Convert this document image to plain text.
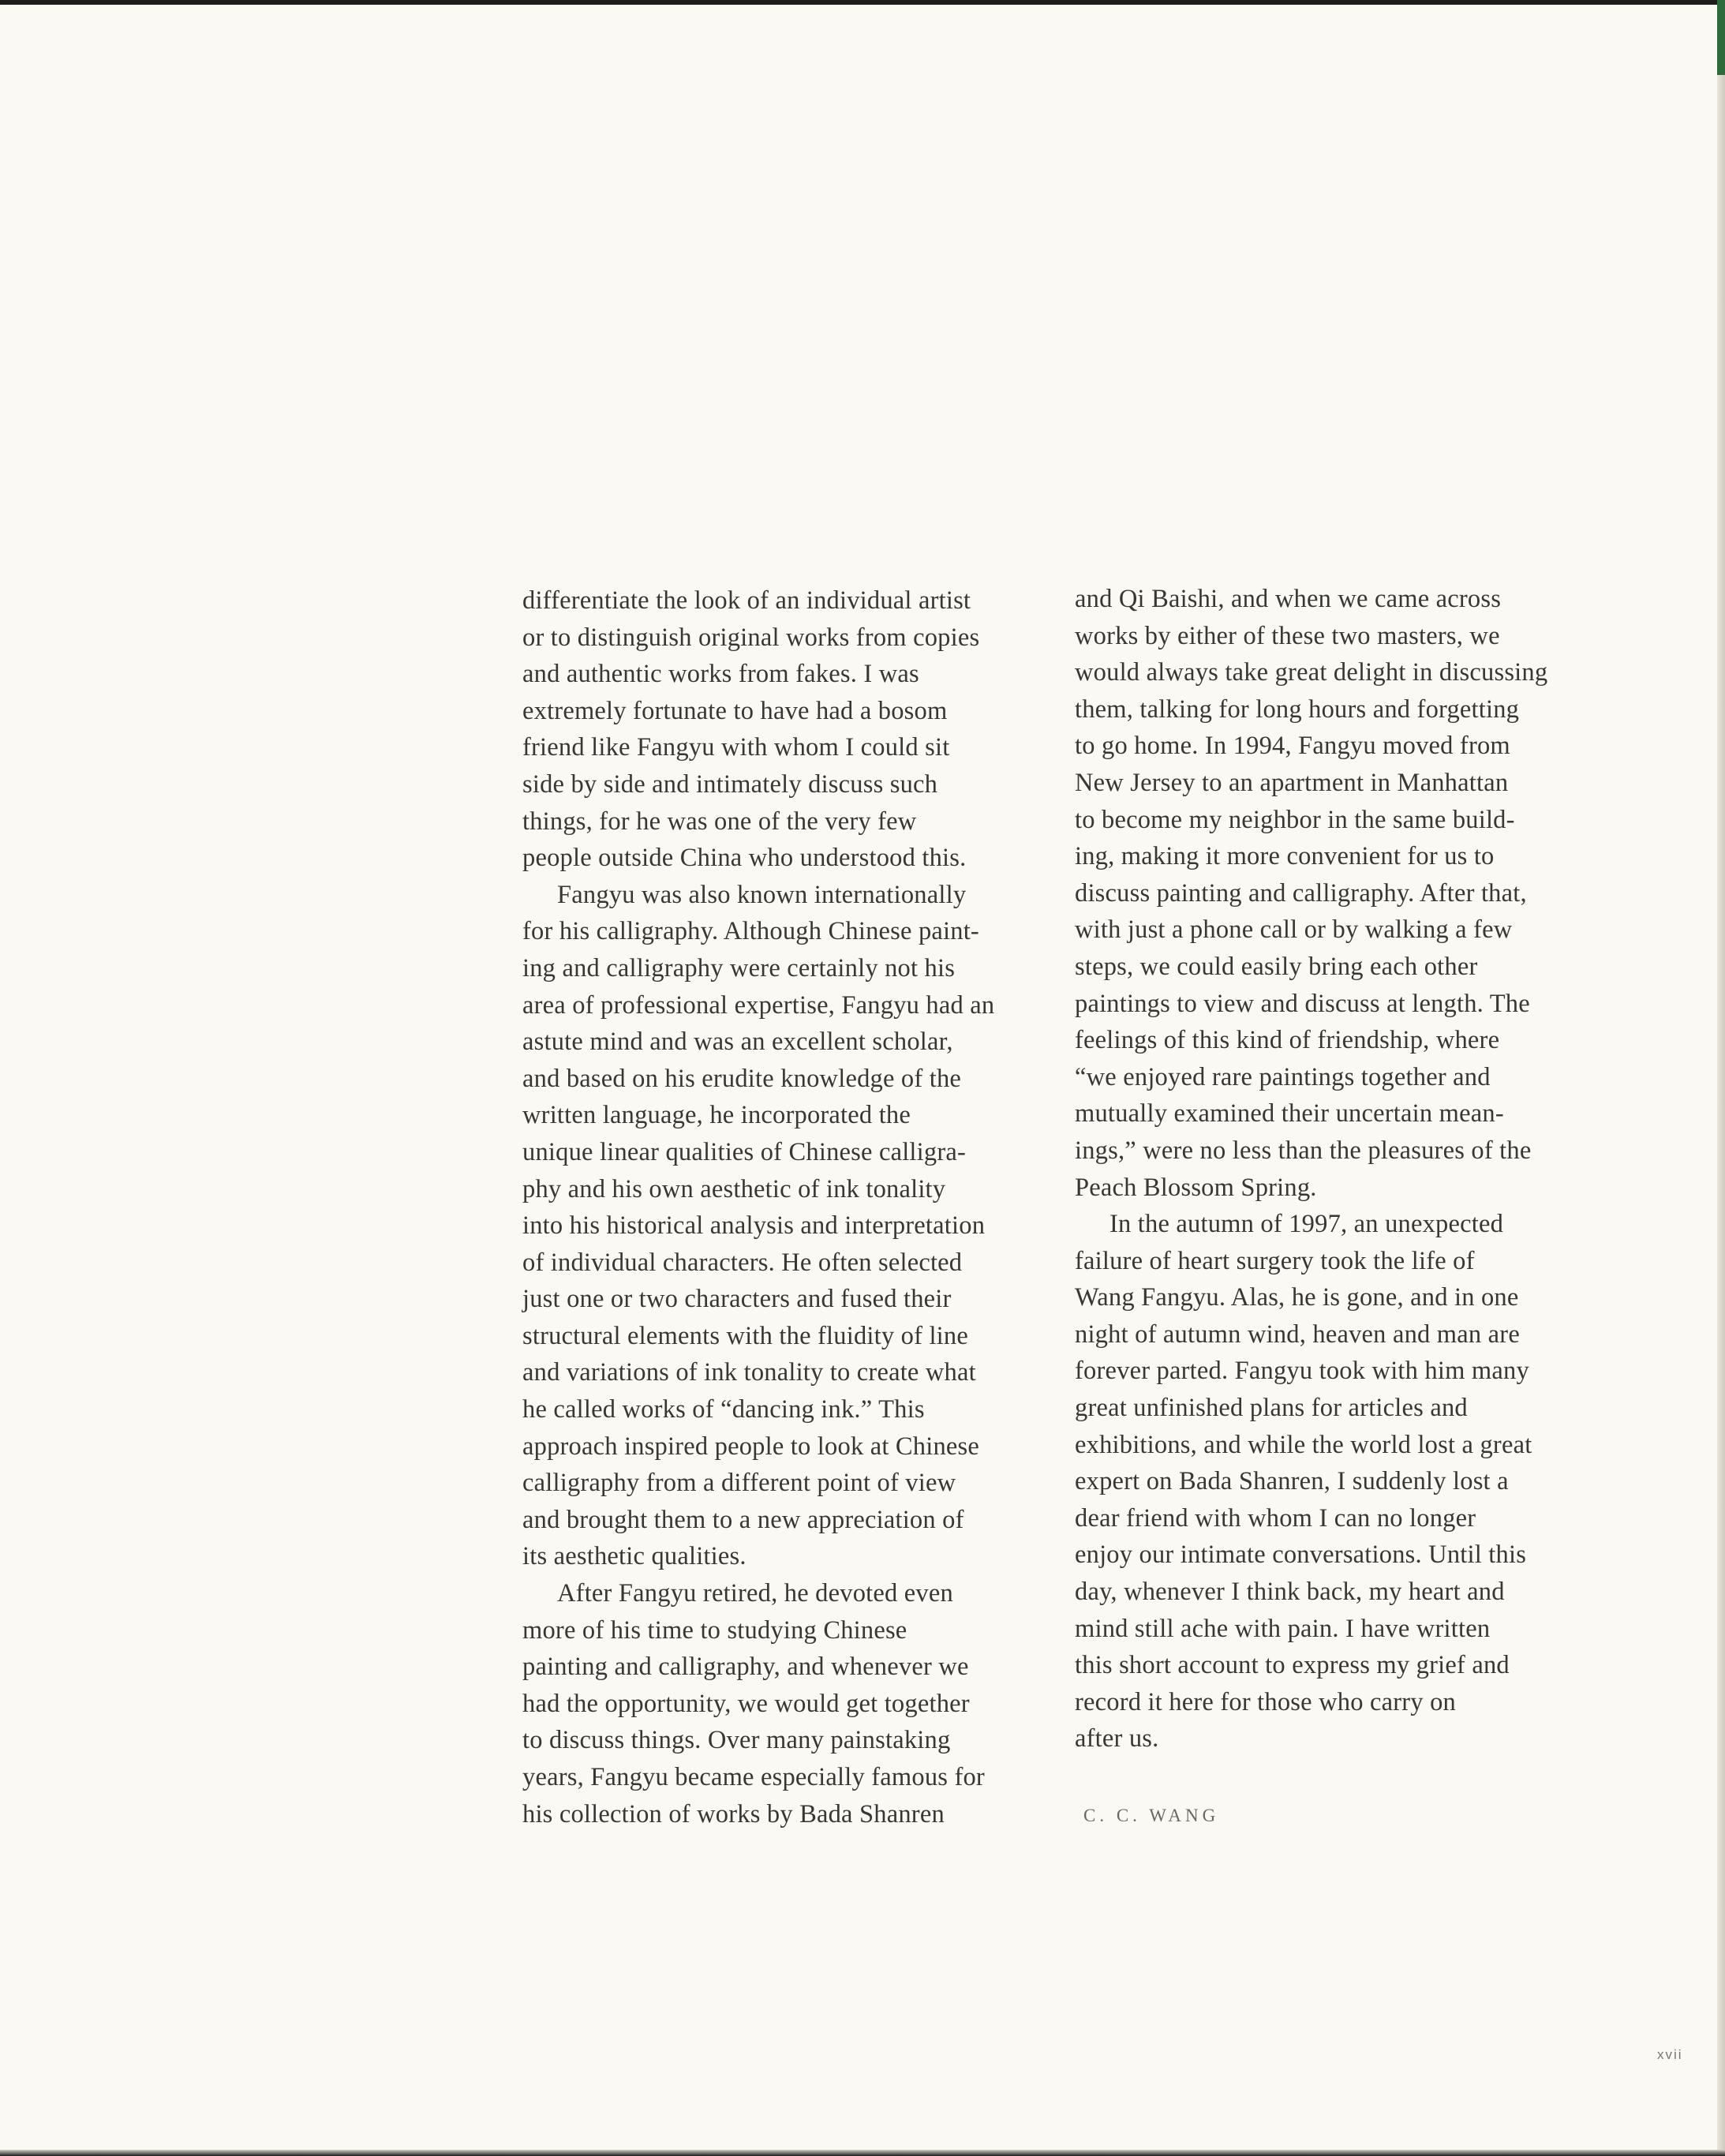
differentiate the look of an individual artist
or to distinguish original works from copies
and authentic works from fakes. I was
extremely fortunate to have had a bosom
friend like Fangyu with whom I could sit
side by side and intimately discuss such
things, for he was one of the very few
people outside China who understood this.

Fangyu was also known internationally
for his calligraphy. Although Chinese paint-
ing and calligraphy were certainly not his
area of professional expertise, Fangyu had an
astute mind and was an excellent scholar,
and based on his erudite knowledge of the
written language, he incorporated the
unique linear qualities of Chinese calligra-
phy and his own aesthetic of ink tonality
into his historical analysis and interpretation
of individual characters. He often selected
just one or two characters and fused their
structural elements with the fluidity of line
and variations of ink tonality to create what
he called works of “dancing ink.” This
approach inspired people to look at Chinese
calligraphy from a different point of view
and brought them to a new appreciation of
its aesthetic qualities.

After Fangyu retired, he devoted even
more of his time to studying Chinese
painting and calligraphy, and whenever we
had the opportunity, we would get together
to discuss things. Over many painstaking
years, Fangyu became especially famous for
his collection of works by Bada Shanren

and Qi Baishi, and when we came across
works by either of these two masters, we
would always take great delight in discussing
them, talking for long hours and forgetting
to go home. In 1994, Fangyu moved from
New Jersey to an apartment in Manhattan
to become my neighbor in the same build-
ing, making it more convenient for us to
discuss painting and calligraphy. After that,
with just a phone call or by walking a few
steps, we could easily bring each other
paintings to view and discuss at length. The
feelings of this kind of friendship, where
“we enjoyed rare paintings together and
mutually examined their uncertain mean-
ings,” were no less than the pleasures of the
Peach Blossom Spring.

In the autumn of 1997, an unexpected
failure of heart surgery took the life of
Wang Fangyu. Alas, he is gone, and in one
night of autumn wind, heaven and man are
forever parted. Fangyu took with him many
great unfinished plans for articles and
exhibitions, and while the world lost a great
expert on Bada Shanren, I suddenly lost a
dear friend with whom I can no longer
enjoy our intimate conversations. Until this
day, whenever I think back, my heart and
mind still ache with pain. I have written
this short account to express my grief and
record it here for those who carry on
after us.

C. C. WANG
xvii
